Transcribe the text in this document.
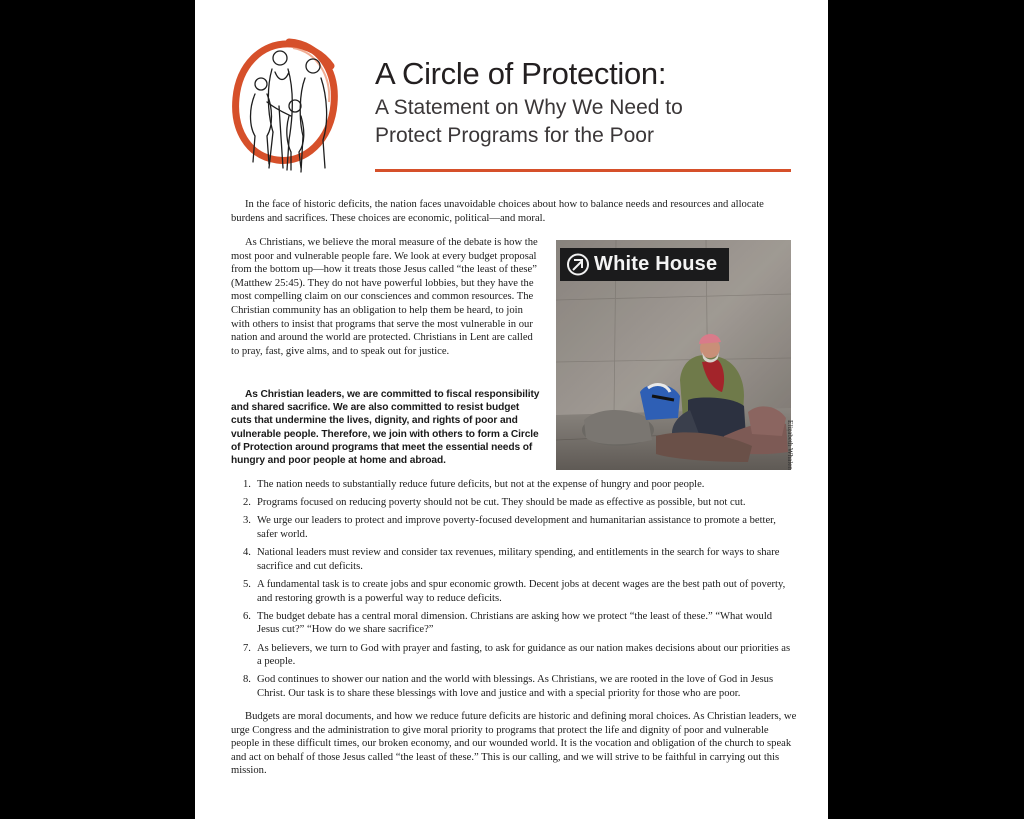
A Circle of Protection:
A Statement on Why We Need to
Protect Programs for the Poor

In the face of historic deficits, the nation faces unavoidable choices about how to balance needs and resources and allocate burdens and sacrifices. These choices are economic, political—and moral.

As Christians, we believe the moral measure of the debate is how the most poor and vulnerable people fare. We look at every budget proposal from the bottom up—how it treats those Jesus called “the least of these” (Matthew 25:45). They do not have powerful lobbies, but they have the most compelling claim on our consciences and common resources. The Christian community has an obligation to help them be heard, to join with others to insist that programs that serve the most vulnerable in our nation and around the world are protected. Christians in Lent are called to pray, fast, give alms, and to speak out for justice.

As Christian leaders, we are committed to fiscal responsibility and shared sacrifice. We are also committed to resist budget cuts that undermine the lives, dignity, and rights of poor and vulnerable people. Therefore, we join with others to form a Circle of Protection around programs that meet the essential needs of hungry and poor people at home and abroad.

White House
Elizabeth Whalen
1. The nation needs to substantially reduce future deficits, but not at the expense of hungry and poor people.
2. Programs focused on reducing poverty should not be cut. They should be made as effective as possible, but not cut.
3. We urge our leaders to protect and improve poverty-focused development and humanitarian assistance to promote a better, safer world.
4. National leaders must review and consider tax revenues, military spending, and entitlements in the search for ways to share sacrifice and cut deficits.
5. A fundamental task is to create jobs and spur economic growth. Decent jobs at decent wages are the best path out of poverty, and restoring growth is a powerful way to reduce deficits.
6. The budget debate has a central moral dimension. Christians are asking how we protect “the least of these.” “What would Jesus cut?” “How do we share sacrifice?”
7. As believers, we turn to God with prayer and fasting, to ask for guidance as our nation makes decisions about our priorities as a people.
8. God continues to shower our nation and the world with blessings. As Christians, we are rooted in the love of God in Jesus Christ. Our task is to share these blessings with love and justice and with a special priority for those who are poor.

Budgets are moral documents, and how we reduce future deficits are historic and defining moral choices. As Christian leaders, we urge Congress and the administration to give moral priority to programs that protect the life and dignity of poor and vulnerable people in these difficult times, our broken economy, and our wounded world. It is the vocation and obligation of the church to speak and act on behalf of those Jesus called “the least of these.” This is our calling, and we will strive to be faithful in carrying out this mission.
